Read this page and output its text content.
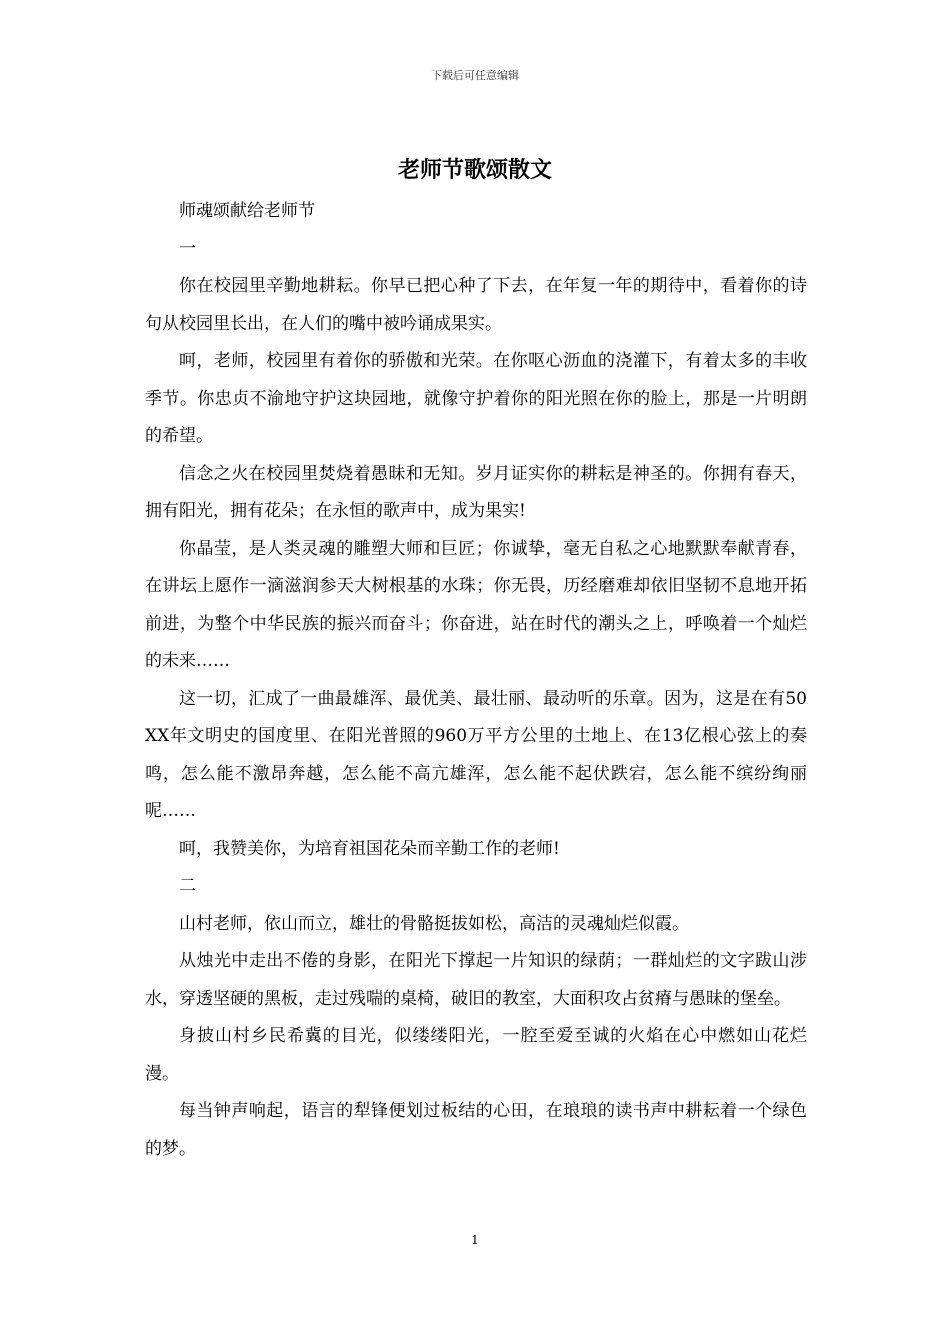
下载后可任意编辑
老师节歌颂散文

师魂颂献给老师节

一

你在校园里辛勤地耕耘。你早已把心种了下去，在年复一年的期待中，看着你的诗句从校园里长出，在人们的嘴中被吟诵成果实。

呵，老师，校园里有着你的骄傲和光荣。在你呕心沥血的浇灌下，有着太多的丰收季节。你忠贞不渝地守护这块园地，就像守护着你的阳光照在你的脸上，那是一片明朗的希望。

信念之火在校园里焚烧着愚昧和无知。岁月证实你的耕耘是神圣的。你拥有春天，拥有阳光，拥有花朵；在永恒的歌声中，成为果实!

你晶莹，是人类灵魂的雕塑大师和巨匠；你诚挚，毫无自私之心地默默奉献青春，在讲坛上愿作一滴滋润参天大树根基的水珠；你无畏，历经磨难却依旧坚韧不息地开拓前进，为整个中华民族的振兴而奋斗；你奋进，站在时代的潮头之上，呼唤着一个灿烂的未来……

这一切，汇成了一曲最雄浑、最优美、最壮丽、最动听的乐章。因为，这是在有50XX年文明史的国度里、在阳光普照的960万平方公里的土地上、在13亿根心弦上的奏鸣，怎么能不激昂奔越，怎么能不高亢雄浑，怎么能不起伏跌宕，怎么能不缤纷绚丽呢……

呵，我赞美你，为培育祖国花朵而辛勤工作的老师!

二

山村老师，依山而立，雄壮的骨骼挺拔如松，高洁的灵魂灿烂似霞。

从烛光中走出不倦的身影，在阳光下撑起一片知识的绿荫；一群灿烂的文字跋山涉水，穿透坚硬的黑板，走过残喘的桌椅，破旧的教室，大面积攻占贫瘠与愚昧的堡垒。

身披山村乡民希冀的目光，似缕缕阳光，一腔至爱至诚的火焰在心中燃如山花烂漫。

每当钟声响起，语言的犁锋便划过板结的心田，在琅琅的读书声中耕耘着一个绿色的梦。

1
